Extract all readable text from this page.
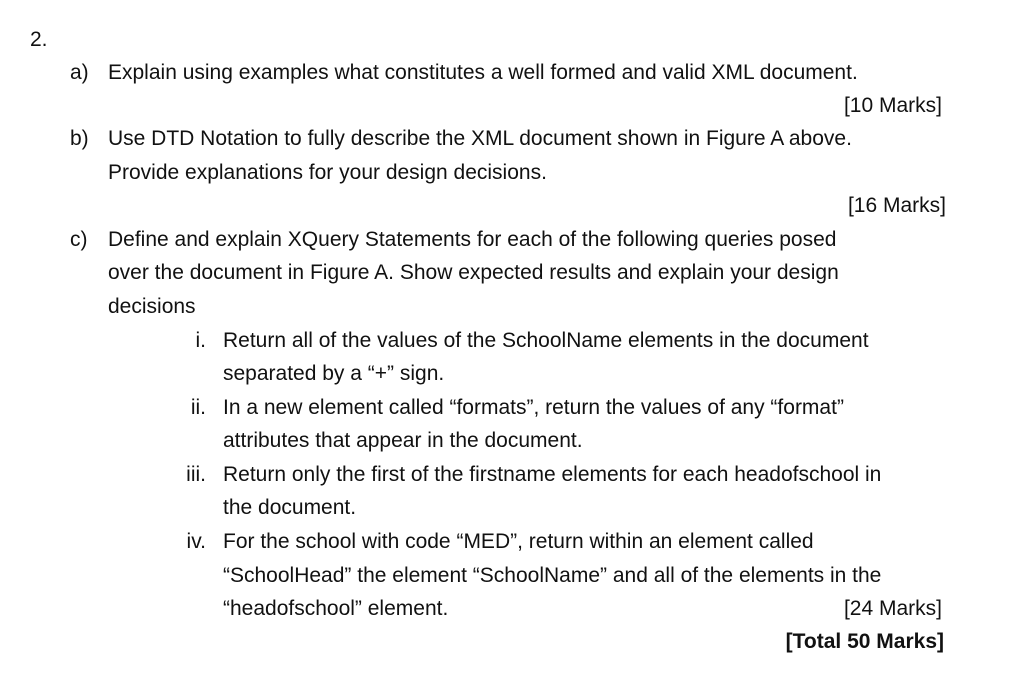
2.
a) Explain using examples what constitutes a well formed and valid XML document.
[10 Marks]
b) Use DTD Notation to fully describe the XML document shown in Figure A above.
Provide explanations for your design decisions.
[16 Marks]
c) Define and explain XQuery Statements for each of the following queries posed
over the document in Figure A. Show expected results and explain your design
decisions
i. Return all of the values of the SchoolName elements in the document
separated by a “+” sign.
ii. In a new element called “formats”, return the values of any “format”
attributes that appear in the document.
iii. Return only the first of the firstname elements for each headofschool in
the document.
iv. For the school with code “MED”, return within an element called
“SchoolHead” the element “SchoolName” and all of the elements in the
“headofschool” element.	[24 Marks]
[Total 50 Marks]
